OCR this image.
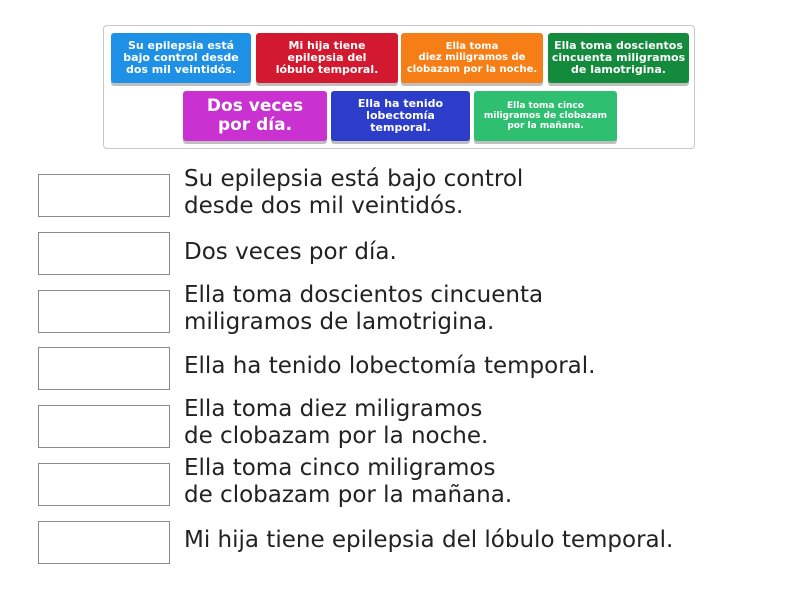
Su epilepsia está
bajo control desde
dos mil veintidós.
Mi hija tiene
epilepsia del
lóbulo temporal.
Ella toma
diez miligramos de
clobazam por la noche.
Ella toma doscientos
cincuenta miligramos
de lamotrigina.
Dos veces
por día.
Ella ha tenido
lobectomía
temporal.
Ella toma cinco
miligramos de clobazam
por la mañana.
Su epilepsia está bajo control
desde dos mil veintidós.
Dos veces por día.
Ella toma doscientos cincuenta
miligramos de lamotrigina.
Ella ha tenido lobectomía temporal.
Ella toma diez miligramos
de clobazam por la noche.
Ella toma cinco miligramos
de clobazam por la mañana.
Mi hija tiene epilepsia del lóbulo temporal.
